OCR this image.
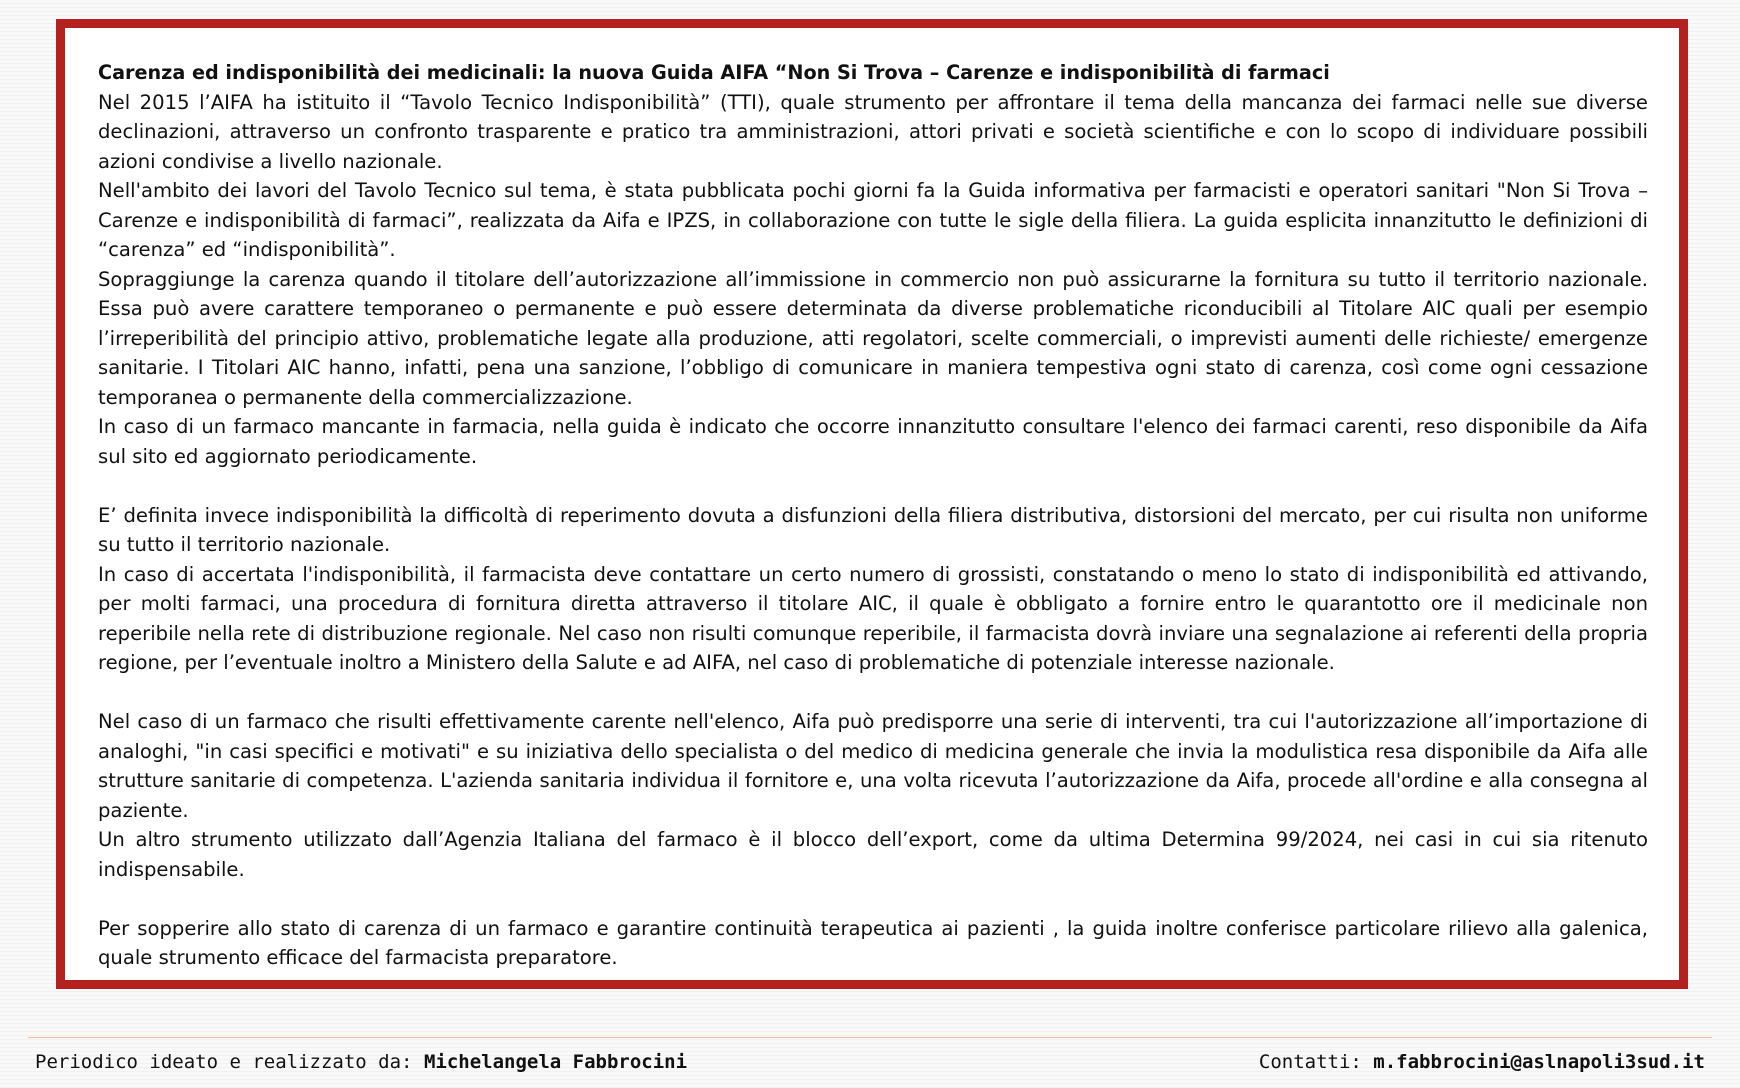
Carenza ed indisponibilità dei medicinali: la nuova Guida AIFA “Non Si Trova – Carenze e indisponibilità di farmaci

Nel 2015 l’AIFA ha istituito il “Tavolo Tecnico Indisponibilità” (TTI), quale strumento per affrontare il tema della mancanza dei farmaci nelle sue diverse declinazioni, attraverso un confronto trasparente e pratico tra amministrazioni, attori privati e società scientifiche e con lo scopo di individuare possibili azioni condivise a livello nazionale.

Nell'ambito dei lavori del Tavolo Tecnico sul tema, è stata pubblicata pochi giorni fa la Guida informativa per farmacisti e operatori sanitari "Non Si Trova – Carenze e indisponibilità di farmaci”, realizzata da Aifa e IPZS, in collaborazione con tutte le sigle della filiera. La guida esplicita innanzitutto le definizioni di “carenza” ed “indisponibilità”.

Sopraggiunge la carenza quando il titolare dell’autorizzazione all’immissione in commercio non può assicurarne la fornitura su tutto il territorio nazionale. Essa può avere carattere temporaneo o permanente e può essere determinata da diverse problematiche riconducibili al Titolare AIC quali per esempio l’irreperibilità del principio attivo, problematiche legate alla produzione, atti regolatori, scelte commerciali, o imprevisti aumenti delle richieste/ emergenze sanitarie. I Titolari AIC hanno, infatti, pena una sanzione, l’obbligo di comunicare in maniera tempestiva ogni stato di carenza, così come ogni cessazione temporanea o permanente della commercializzazione.

In caso di un farmaco mancante in farmacia, nella guida è indicato che occorre innanzitutto consultare l'elenco dei farmaci carenti, reso disponibile da Aifa sul sito ed aggiornato periodicamente.

E’ definita invece indisponibilità la difficoltà di reperimento dovuta a disfunzioni della filiera distributiva, distorsioni del mercato, per cui risulta non uniforme su tutto il territorio nazionale.

In caso di accertata l'indisponibilità, il farmacista deve contattare un certo numero di grossisti, constatando o meno lo stato di indisponibilità ed attivando, per molti farmaci, una procedura di fornitura diretta attraverso il titolare AIC, il quale è obbligato a fornire entro le quarantotto ore il medicinale non reperibile nella rete di distribuzione regionale. Nel caso non risulti comunque reperibile, il farmacista dovrà inviare una segnalazione ai referenti della propria regione, per l’eventuale inoltro a Ministero della Salute e ad AIFA, nel caso di problematiche di potenziale interesse nazionale.

Nel caso di un farmaco che risulti effettivamente carente nell'elenco, Aifa può predisporre una serie di interventi, tra cui l'autorizzazione all’importazione di analoghi, "in casi specifici e motivati" e su iniziativa dello specialista o del medico di medicina generale che invia la modulistica resa disponibile da Aifa alle strutture sanitarie di competenza. L'azienda sanitaria individua il fornitore e, una volta ricevuta l’autorizzazione da Aifa, procede all'ordine e alla consegna al paziente.

Un altro strumento utilizzato dall’Agenzia Italiana del farmaco è il blocco dell’export, come da ultima Determina 99/2024, nei casi in cui sia ritenuto indispensabile.

Per sopperire allo stato di carenza di un farmaco e garantire continuità terapeutica ai pazienti , la guida inoltre conferisce particolare rilievo alla galenica, quale strumento efficace del farmacista preparatore.

Periodico ideato e realizzato da: Michelangela Fabbrocini	Contatti: m.fabbrocini@aslnapoli3sud.it
